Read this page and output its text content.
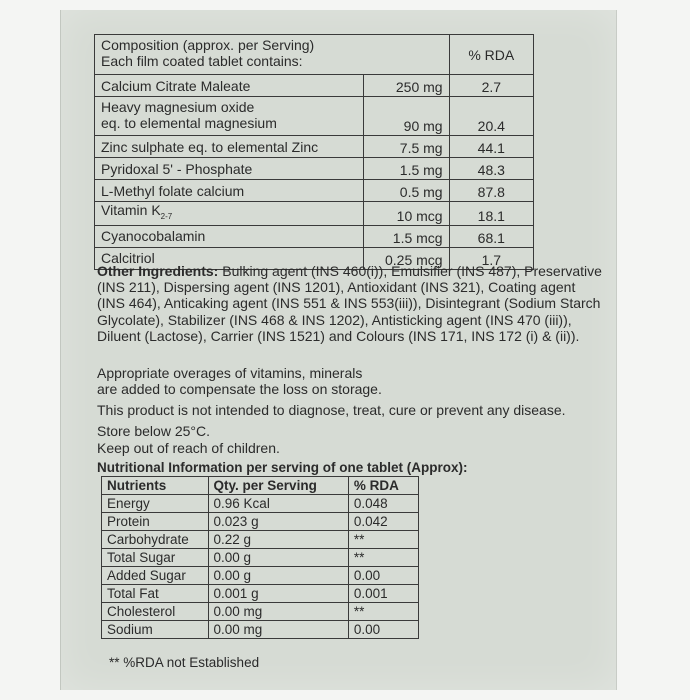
Composition (approx. per Serving)
Each film coated tablet contains:		% RDA
Calcium Citrate Maleate	250 mg	2.7
Heavy magnesium oxide
eq. to elemental magnesium	90 mg	20.4
Zinc sulphate eq. to elemental Zinc	7.5 mg	44.1
Pyridoxal 5' - Phosphate	1.5 mg	48.3
L-Methyl folate calcium	0.5 mg	87.8
Vitamin $K_{2-7}$	10 mcg	18.1
Cyanocobalamin	1.5 mcg	68.1
Calcitriol	0.25 mcg	1.7
Other Ingredients: Bulking agent (INS 460(i)), Emulsifier (INS 487), Preservative (INS 211), Dispersing agent (INS 1201), Antioxidant (INS 321), Coating agent (INS 464), Anticaking agent (INS 551 & INS 553(iii)), Disintegrant (Sodium Starch Glycolate), Stabilizer (INS 468 & INS 1202), Antisticking agent (INS 470 (iii)), Diluent (Lactose), Carrier (INS 1521) and Colours (INS 171, INS 172 (i) & (ii)).
Appropriate overages of vitamins, minerals
are added to compensate the loss on storage.
This product is not intended to diagnose, treat, cure or prevent any disease.
Store below 25°C.
Keep out of reach of children.
Nutritional Information per serving of one tablet (Approx):
Nutrients	Qty. per Serving	% RDA
Energy	0.96 Kcal	0.048
Protein	0.023 g	0.042
Carbohydrate	0.22 g	**
Total Sugar	0.00 g	**
Added Sugar	0.00 g	0.00
Total Fat	0.001 g	0.001
Cholesterol	0.00 mg	**
Sodium	0.00 mg	0.00
** %RDA not Established
